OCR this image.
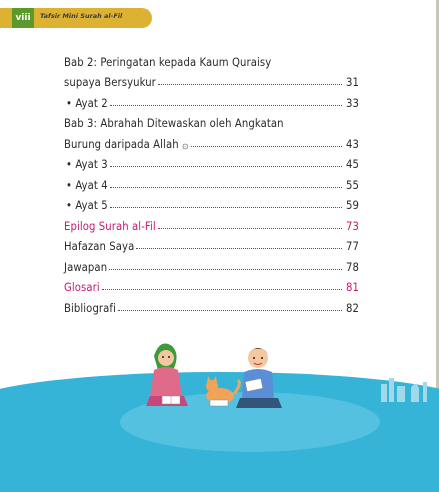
viii	Tafsir Mini Surah al-Fil
Bab 2: Peringatan kepada Kaum Quraisy
supaya Bersyukur	31
• Ayat 2	33
Bab 3: Abrahah Ditewaskan oleh Angkatan
Burung daripada Allah ۞	43
• Ayat 3	45
• Ayat 4	55
• Ayat 5	59
Epilog Surah al-Fil	73
Hafazan Saya	77
Jawapan	78
Glosari	81
Bibliografi	82
